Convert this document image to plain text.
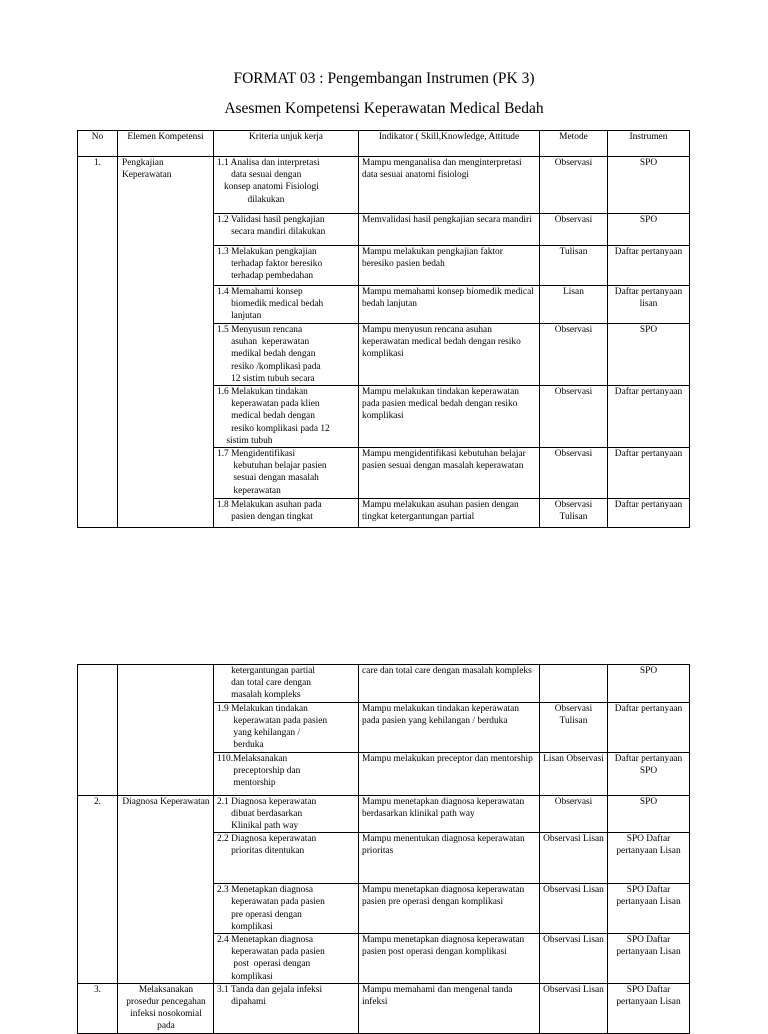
FORMAT 03 : Pengembangan Instrumen (PK 3)
Asesmen Kompetensi Keperawatan Medical Bedah
No	Elemen Kompetensi	Kriteria unjuk kerja	Indikator ( Skill,Knowledge, Attitude	Metode	Instrumen
1.	Pengkajian Keperawatan	1.1 Analisa dan interpretasi
data sesuai dengan
konsep anatomi Fisiologi
dilakukan	Mampu menganalisa dan menginterpretasi data sesuai anatomi fisiologi	Observasi	SPO
		1.2 Validasi hasil pengkajian
secara mandiri dilakukan	Memvalidasi hasil pengkajian secara mandiri	Observasi	SPO
		1.3 Melakukan pengkajian
terhadap faktor beresiko
terhadap pembedahan	Mampu melakukan pengkajian faktor beresiko pasien bedah	Tulisan	Daftar pertanyaan
		1.4 Memahami konsep
biomedik medical bedah
lanjutan	Mampu memahami konsep biomedik medical bedah lanjutan	Lisan	Daftar pertanyaan lisan
		1.5 Menyusun rencana
asuhan  keperawatan
medikal bedah dengan
resiko /komplikasi pada
12 sistim tubuh secara	Mampu menyusun rencana asuhan keperawatan medical bedah dengan resiko komplikasi	Observasi	SPO
		1.6 Melakukan tindakan
keperawatan pada klien
medical bedah dengan
resiko komplikasi pada 12
sistim tubuh	Mampu melakukan tindakan keperawatan pada pasien medical bedah dengan resiko komplikasi	Observasi	Daftar pertanyaan
		1.7 Mengidentifikasi
kebutuhan belajar pasien
sesuai dengan masalah
keperawatan	Mampu mengidentifikasi kebutuhan belajar pasien sesuai dengan masalah keperawatan	Observasi	Daftar pertanyaan
		1.8 Melakukan asuhan pada
pasien dengan tingkat	Mampu melakukan asuhan pasien dengan tingkat ketergantungan partial	Observasi Tulisan	Daftar pertanyaan
		ketergantungan partial
dan total care dengan
masalah kompleks	care dan total care dengan masalah kompleks		SPO
		1.9 Melakukan tindakan
keperawatan pada pasien
yang kehilangan /
berduka	Mampu melakukan tindakan keperawatan pada pasien yang kehilangan / berduka	Observasi Tulisan	Daftar pertanyaan
		110.Melaksanakan
preceptorship dan
mentorship	Mampu melakukan preceptor dan mentorship	Lisan Observasi	Daftar pertanyaan SPO
2.	Diagnosa Keperawatan	2.1 Diagnosa keperawatan
dibuat berdasarkan
Klinikal path way	Mampu menetapkan diagnosa keperawatan berdasarkan klinikal path way	Observasi	SPO
		2.2 Diagnosa keperawatan
prioritas ditentukan	Mampu menentukan diagnosa keperawatan prioritas	Observasi Lisan	SPO Daftar pertanyaan Lisan
		2.3 Menetapkan diagnosa
keperawatan pada pasien
pre operasi dengan
komplikasi	Mampu menetapkan diagnosa keperawatan pasien pre operasi dengan komplikasi	Observasi Lisan	SPO Daftar pertanyaan Lisan
		2.4 Menetapkan diagnosa
keperawatan pada pasien
post  operasi dengan
komplikasi	Mampu menetapkan diagnosa keperawatan pasien post operasi dengan komplikasi	Observasi Lisan	SPO Daftar pertanyaan Lisan
3.	Melaksanakan prosedur pencegahan infeksi nosokomial pada	3.1 Tanda dan gejala infeksi
dipahami	Mampu memahami dan mengenal tanda infeksi	Observasi Lisan	SPO Daftar pertanyaan Lisan
